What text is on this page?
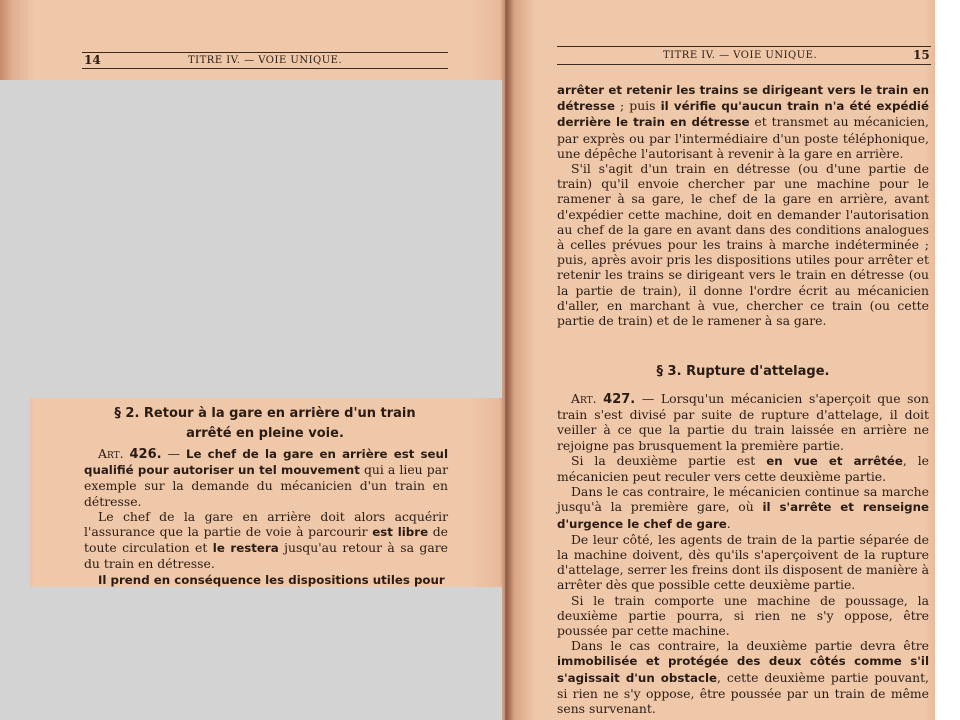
14	TITRE IV. — VOIE UNIQUE.
§ 2. Retour à la gare en arrière d'un train
arrêté en pleine voie.

Art. 426. — Le chef de la gare en arrière est seul qualifié pour autoriser un tel mouvement qui a lieu par exemple sur la demande du mécanicien d'un train en détresse.

Le chef de la gare en arrière doit alors acquérir l'assurance que la partie de voie à parcourir est libre de toute circulation et le restera jusqu'au retour à sa gare du train en détresse.

Il prend en conséquence les dispositions utiles pour

TITRE IV. — VOIE UNIQUE.	15

arrêter et retenir les trains se dirigeant vers le train en détresse ; puis il vérifie qu'aucun train n'a été expédié derrière le train en détresse et transmet au mécanicien, par exprès ou par l'intermédiaire d'un poste téléphonique, une dépêche l'autorisant à revenir à la gare en arrière.

S'il s'agit d'un train en détresse (ou d'une partie de train) qu'il envoie chercher par une machine pour le ramener à sa gare, le chef de la gare en arrière, avant d'expédier cette machine, doit en demander l'autorisation au chef de la gare en avant dans des conditions analogues à celles prévues pour les trains à marche indéterminée ; puis, après avoir pris les dispositions utiles pour arrêter et retenir les trains se dirigeant vers le train en détresse (ou la partie de train), il donne l'ordre écrit au mécanicien d'aller, en marchant à vue, chercher ce train (ou cette partie de train) et de le ramener à sa gare.

§ 3. Rupture d'attelage.

Art. 427. — Lorsqu'un mécanicien s'aperçoit que son train s'est divisé par suite de rupture d'attelage, il doit veiller à ce que la partie du train laissée en arrière ne rejoigne pas brusquement la première partie.

Si la deuxième partie est en vue et arrêtée, le mécanicien peut reculer vers cette deuxième partie.

Dans le cas contraire, le mécanicien continue sa marche jusqu'à la première gare, où il s'arrête et renseigne d'urgence le chef de gare.

De leur côté, les agents de train de la partie séparée de la machine doivent, dès qu'ils s'aperçoivent de la rupture d'attelage, serrer les freins dont ils disposent de manière à arrêter dès que possible cette deuxième partie.

Si le train comporte une machine de poussage, la deuxième partie pourra, si rien ne s'y oppose, être poussée par cette machine.

Dans le cas contraire, la deuxième partie devra être immobilisée et protégée des deux côtés comme s'il s'agissait d'un obstacle, cette deuxième partie pouvant, si rien ne s'y oppose, être poussée par un train de même sens survenant.
